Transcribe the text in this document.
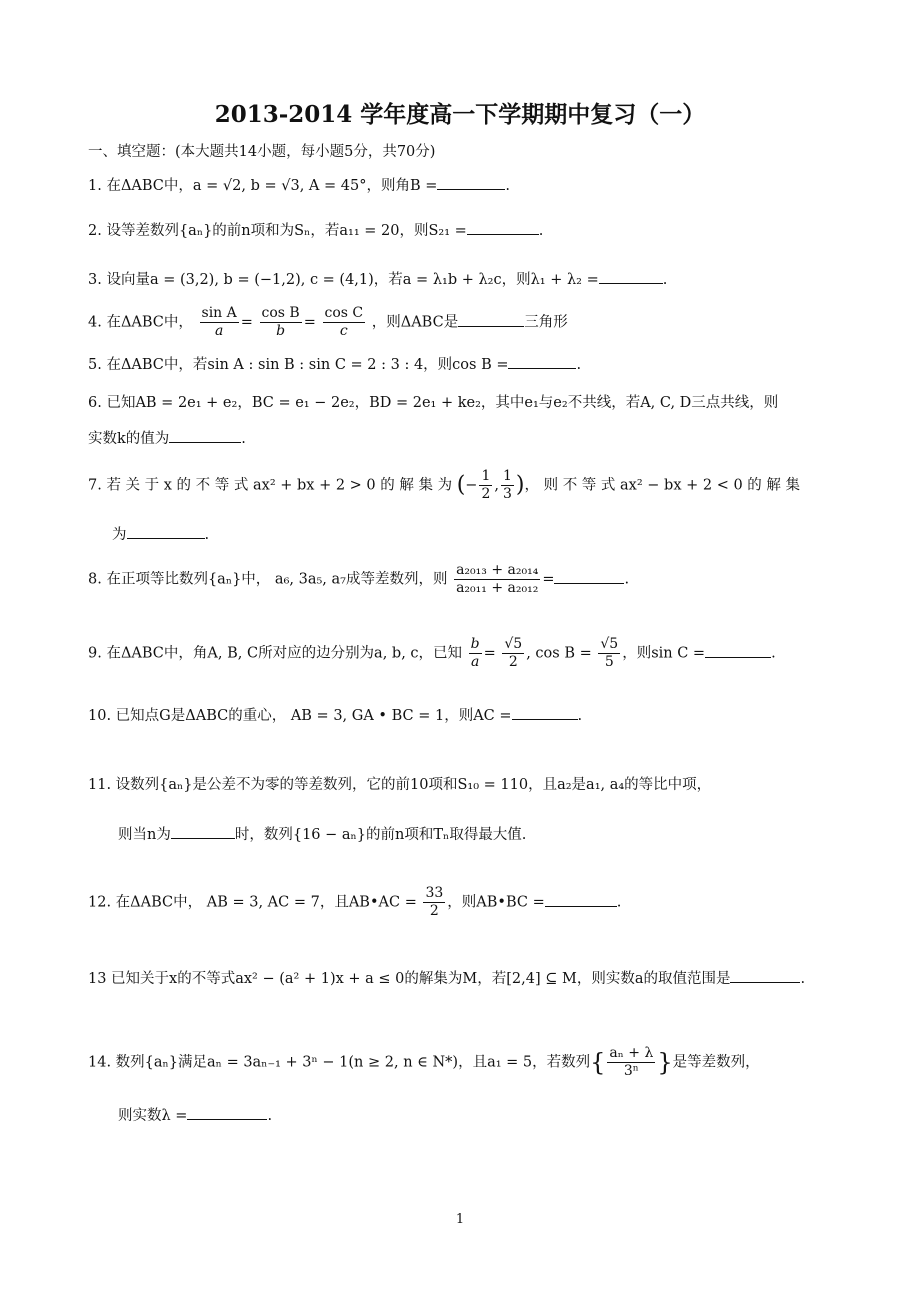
2013-2014 学年度高一下学期期中复习（一）
一、填空题：(本大题共14小题，每小题5分，共70分)
1. 在ΔABC中，a = √2, b = √3, A = 45°，则角B =	.
2. 设等差数列{aₙ}的前n项和为Sₙ，若a₁₁ = 20，则S₂₁ =	.
3. 设向量a = (3,2), b = (−1,2), c = (4,1)，若a = λ₁b + λ₂c，则λ₁ + λ₂ =	.
4. 在ΔABC中， $\frac{\text{sin A}}{a} = \frac{\text{cos B}}{b} = \frac{\text{cos C}}{c}$ ，则ΔABC是	三角形
5. 在ΔABC中，若sin A : sin B : sin C = 2 : 3 : 4，则cos B =	.
6. 已知AB = 2e₁ + e₂，BC = e₁ − 2e₂，BD = 2e₁ + ke₂，其中e₁与e₂不共线，若A, C, D三点共线，则
实数k的值为	.
7. 若 关 于 x 的 不 等 式 ax² + bx + 2 > 0 的 解 集 为 (− $\frac{1}{2}$ , $\frac{1}{3}$ )， 则 不 等 式 ax² − bx + 2 < 0 的 解 集
为	.
8. 在正项等比数列{aₙ}中， a₆, 3a₅, a₇成等差数列，则 $\frac{\text{a₂₀₁₃ + a₂₀₁₄}}{\text{a₂₀₁₁ + a₂₀₁₂}}$ =	.
9. 在ΔABC中，角A, B, C所对应的边分别为a, b, c，已知 $\frac{b}{a} = \frac{√5}{2}$ , $\cos B = \frac{√5}{5}$ ，则sin C =	.
10. 已知点G是ΔABC的重心， AB = 3, GA • BC = 1，则AC =	.
11. 设数列{aₙ}是公差不为零的等差数列，它的前10项和S₁₀ = 110，且a₂是a₁, a₄的等比中项，
则当n为	时，数列{16 − aₙ}的前n项和Tₙ取得最大值.
12. 在ΔABC中， AB = 3, AC = 7，且AB•AC = $\frac{33}{2}$ ，则AB•BC =	.
13 已知关于x的不等式ax² − (a² + 1)x + a ≤ 0的解集为M，若[2,4] ⊆ M，则实数a的取值范围是	.
14. 数列{aₙ}满足aₙ = 3aₙ₋₁ + 3ⁿ − 1(n ≥ 2, n ∈ N*)，且a₁ = 5，若数列{ $\frac{\text{aₙ + λ}}{\text{3ⁿ}}$ }是等差数列，
则实数λ =	.
1
